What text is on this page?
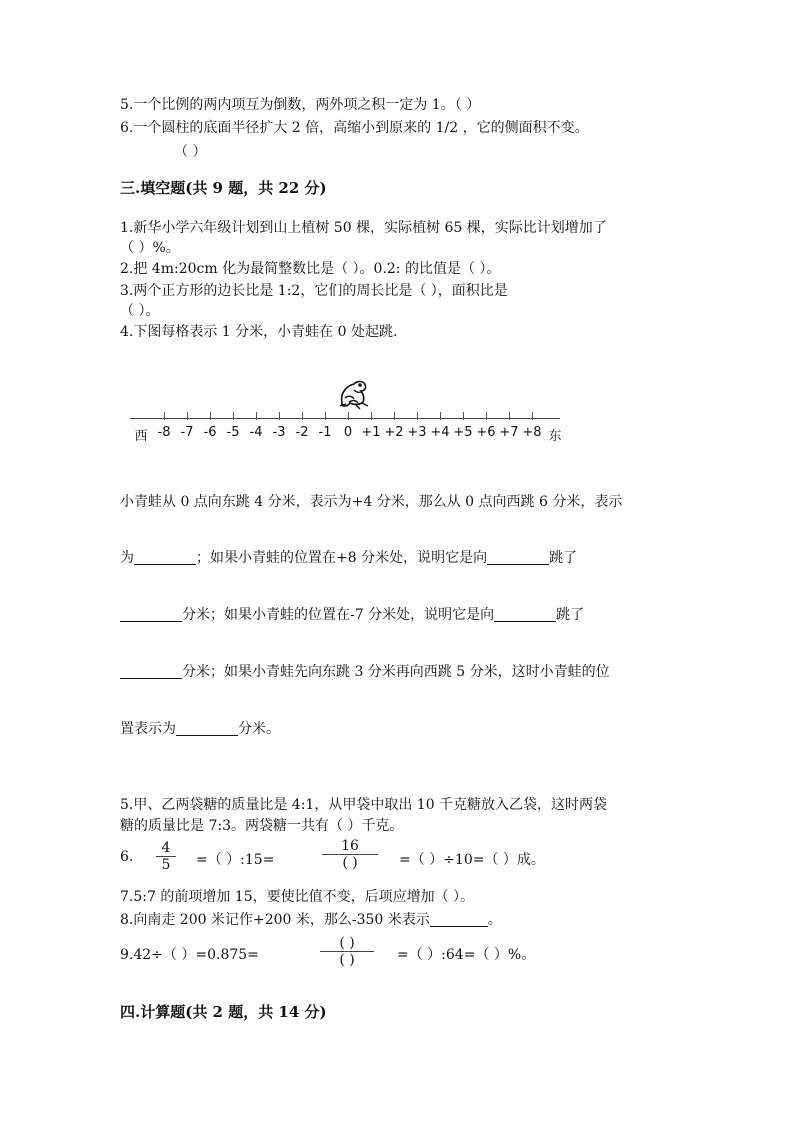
5.一个比例的两内项互为倒数，两外项之积一定为 1。（ ）
6.一个圆柱的底面半径扩大 2 倍，高缩小到原来的 1/2 ，它的侧面积不变。
（ ）
三.填空题(共 9 题，共 22 分)
1.新华小学六年级计划到山上植树 50 棵，实际植树 65 棵，实际比计划增加了
（ ）%。
2.把 4m:20cm 化为最简整数比是（ ）。0.2: 的比值是（ ）。
3.两个正方形的边长比是 1:2，它们的周长比是（ ），面积比是
（ ）。
4.下图每格表示 1 分米，小青蛙在 0 处起跳.
西 -8 -7 -6 -5 -4 -3 -2 -1 0 +1 +2 +3 +4 +5 +6 +7 +8 东
小青蛙从 0 点向东跳 4 分米，表示为+4 分米，那么从 0 点向西跳 6 分米，表示
为	；如果小青蛙的位置在+8 分米处，说明它是向	跳了
分米；如果小青蛙的位置在-7 分米处，说明它是向	跳了
分米；如果小青蛙先向东跳 3 分米再向西跳 5 分米，这时小青蛙的位
置表示为	分米。
5.甲、乙两袋糖的质量比是 4:1，从甲袋中取出 10 千克糖放入乙袋，这时两袋
糖的质量比是 7:3。两袋糖一共有（ ）千克。
6. $\frac{4}{5}$ =（ ）:15=
16
( )	=（ ）÷10=（ ）成。
7.5:7 的前项增加 15，要使比值不变，后项应增加（ ）。
8.向南走 200 米记作+200 米，那么-350 米表示	。
9.42÷（ ）=0.875=
( )
( )	=（ ）:64=（ ）%。
四.计算题(共 2 题，共 14 分)
